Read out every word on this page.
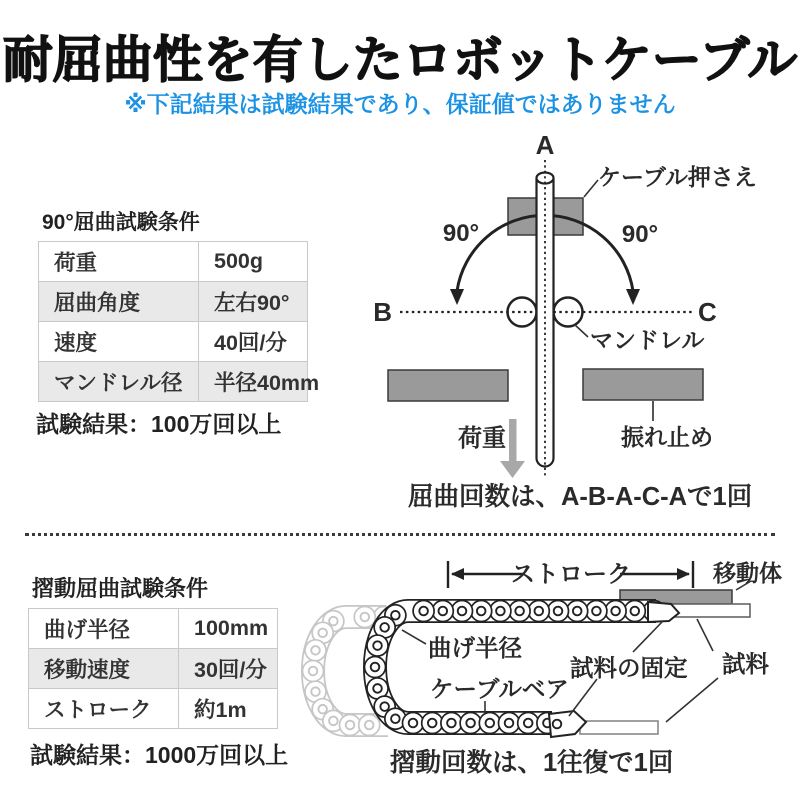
耐屈曲性を有したロボットケーブル
※下記結果は試験結果であり、保証値ではありません
90°屈曲試験条件
荷重	500g
屈曲角度	左右90°
速度	40回/分
マンドレル径	半径40mm
試験結果：100万回以上
A
B	C
90°	90°
ケーブル押さえ
マンドレル
振れ止め
荷重
屈曲回数は、A-B-A-C-Aで1回
摺動屈曲試験条件
曲げ半径	100mm
移動速度	30回/分
ストローク	約1m
試験結果：1000万回以上
ストローク	移動体
曲げ半径
ケーブルベア
試料の固定 試料
摺動回数は、1往復で1回
